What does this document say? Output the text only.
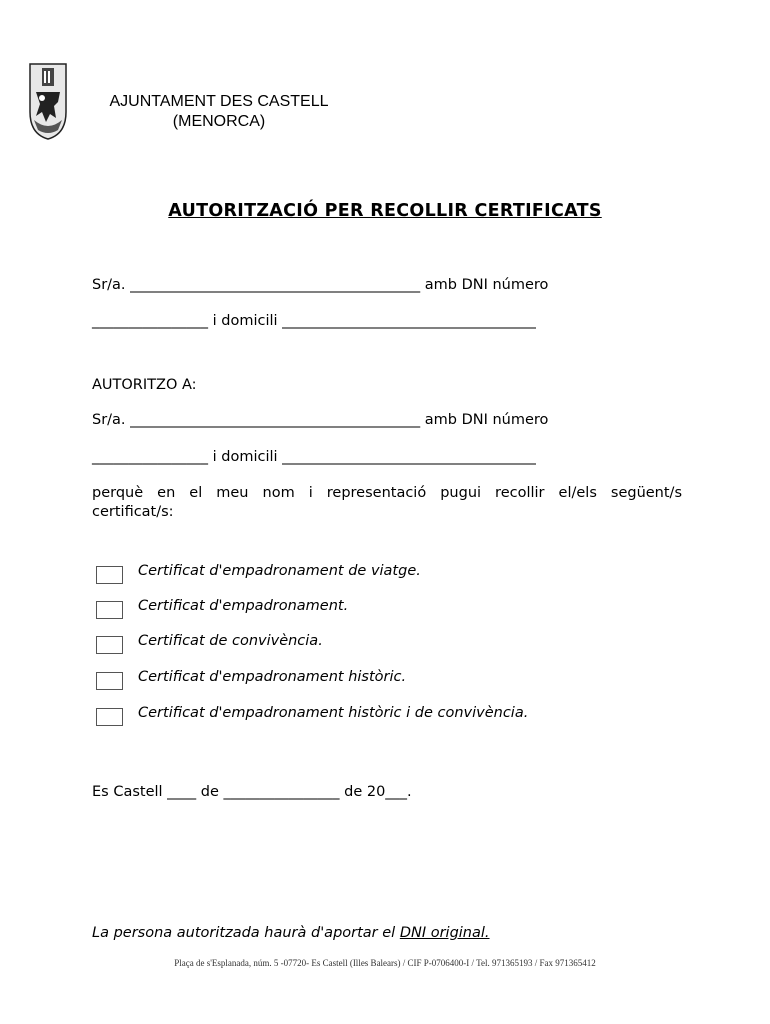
AJUNTAMENT DES CASTELL
(MENORCA)
AUTORITZACIÓ PER RECOLLIR CERTIFICATS
Sr/a. ________________________________________ amb DNI número
________________ i domicili ___________________________________
AUTORITZO A:
Sr/a. ________________________________________ amb DNI número
________________ i domicili ___________________________________
perquè en el meu nom i representació pugui recollir el/els següent/s certificat/s:
Certificat d'empadronament de viatge.
Certificat d'empadronament.
Certificat de convivència.
Certificat d'empadronament històric.
Certificat d'empadronament històric i de convivència.
Es Castell ____ de ________________ de 20___.
La persona autoritzada haurà d'aportar el DNI original.
Plaça de s'Esplanada, núm. 5 -07720- Es Castell (Illes Balears) / CIF P-0706400-I / Tel. 971365193 / Fax 971365412
